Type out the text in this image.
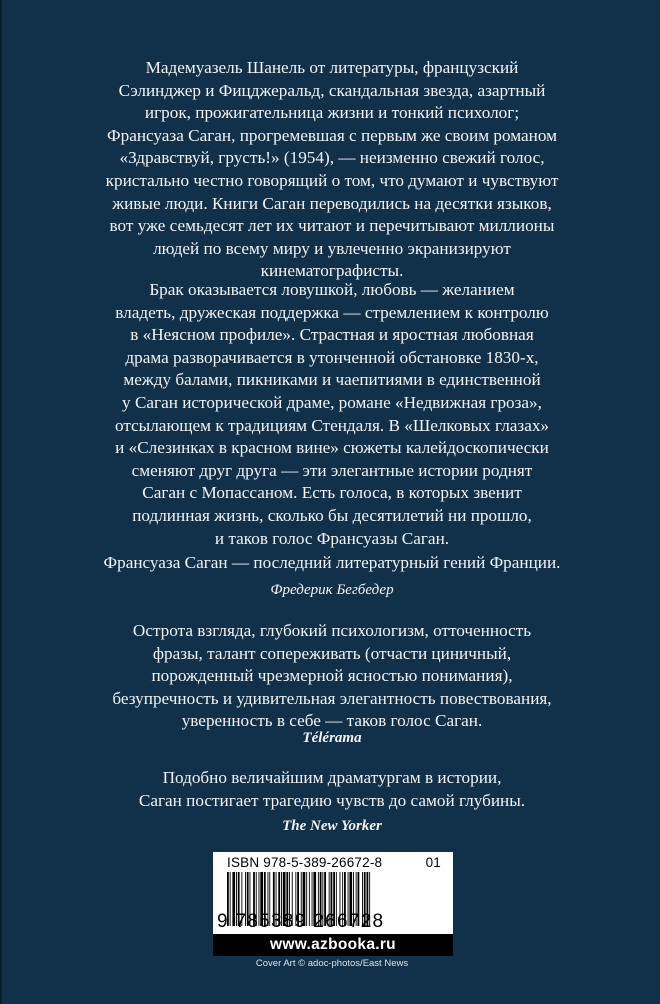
Мадемуазель Шанель от литературы, французский
Сэлинджер и Фицджеральд, скандальная звезда, азартный
игрок, прожигательница жизни и тонкий психолог;
Франсуаза Саган, прогремевшая с первым же своим романом
«Здравствуй, грусть!» (1954), — неизменно свежий голос,
кристально честно говорящий о том, что думают и чувствуют
живые люди. Книги Саган переводились на десятки языков,
вот уже семьдесят лет их читают и перечитывают миллионы
людей по всему миру и увлеченно экранизируют
кинематографисты.
Брак оказывается ловушкой, любовь — желанием
владеть, дружеская поддержка — стремлением к контролю
в «Неясном профиле». Страстная и яростная любовная
драма разворачивается в утонченной обстановке 1830-х,
между балами, пикниками и чаепитиями в единственной
у Саган исторической драме, романе «Недвижная гроза»,
отсылающем к традициям Стендаля. В «Шелковых глазах»
и «Слезинках в красном вине» сюжеты калейдоскопически
сменяют друг друга — эти элегантные истории роднят
Саган с Мопассаном. Есть голоса, в которых звенит
подлинная жизнь, сколько бы десятилетий ни прошло,
и таков голос Франсуазы Саган.
Франсуаза Саган — последний литературный гений Франции.
Фредерик Бегбедер
Острота взгляда, глубокий психологизм, отточенность
фразы, талант сопереживать (отчасти циничный,
порожденный чрезмерной ясностью понимания),
безупречность и удивительная элегантность повествования,
уверенность в себе — таков голос Саган.
Télérama
Подобно величайшим драматургам в истории,
Саган постигает трагедию чувств до самой глубины.
The New Yorker
ISBN 978-5-389-26672-8	01
9 785389 266728
www.azbooka.ru
Cover Art © adoc-photos/East News
